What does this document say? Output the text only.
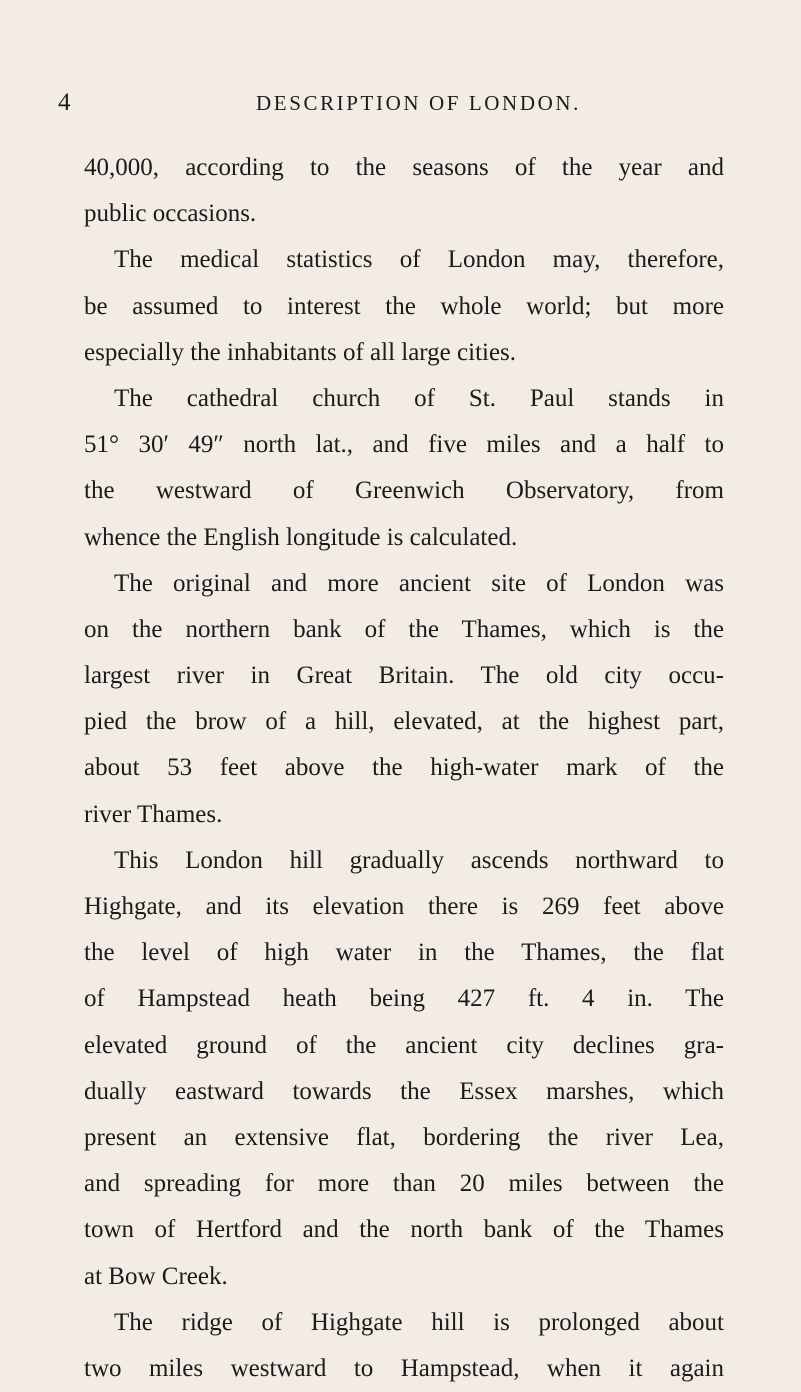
4	DESCRIPTION OF LONDON.
40,000, according to the seasons of the year and
public occasions.
The medical statistics of London may, therefore,
be assumed to interest the whole world; but more
especially the inhabitants of all large cities.
The cathedral church of St. Paul stands in
51° 30′ 49″ north lat., and five miles and a half to
the westward of Greenwich Observatory, from
whence the English longitude is calculated.
The original and more ancient site of London was
on the northern bank of the Thames, which is the
largest river in Great Britain. The old city occu-
pied the brow of a hill, elevated, at the highest part,
about 53 feet above the high-water mark of the
river Thames.
This London hill gradually ascends northward to
Highgate, and its elevation there is 269 feet above
the level of high water in the Thames, the flat
of Hampstead heath being 427 ft. 4 in. The
elevated ground of the ancient city declines gra-
dually eastward towards the Essex marshes, which
present an extensive flat, bordering the river Lea,
and spreading for more than 20 miles between the
town of Hertford and the north bank of the Thames
at Bow Creek.
The ridge of Highgate hill is prolonged about
two miles westward to Hampstead, when it again
